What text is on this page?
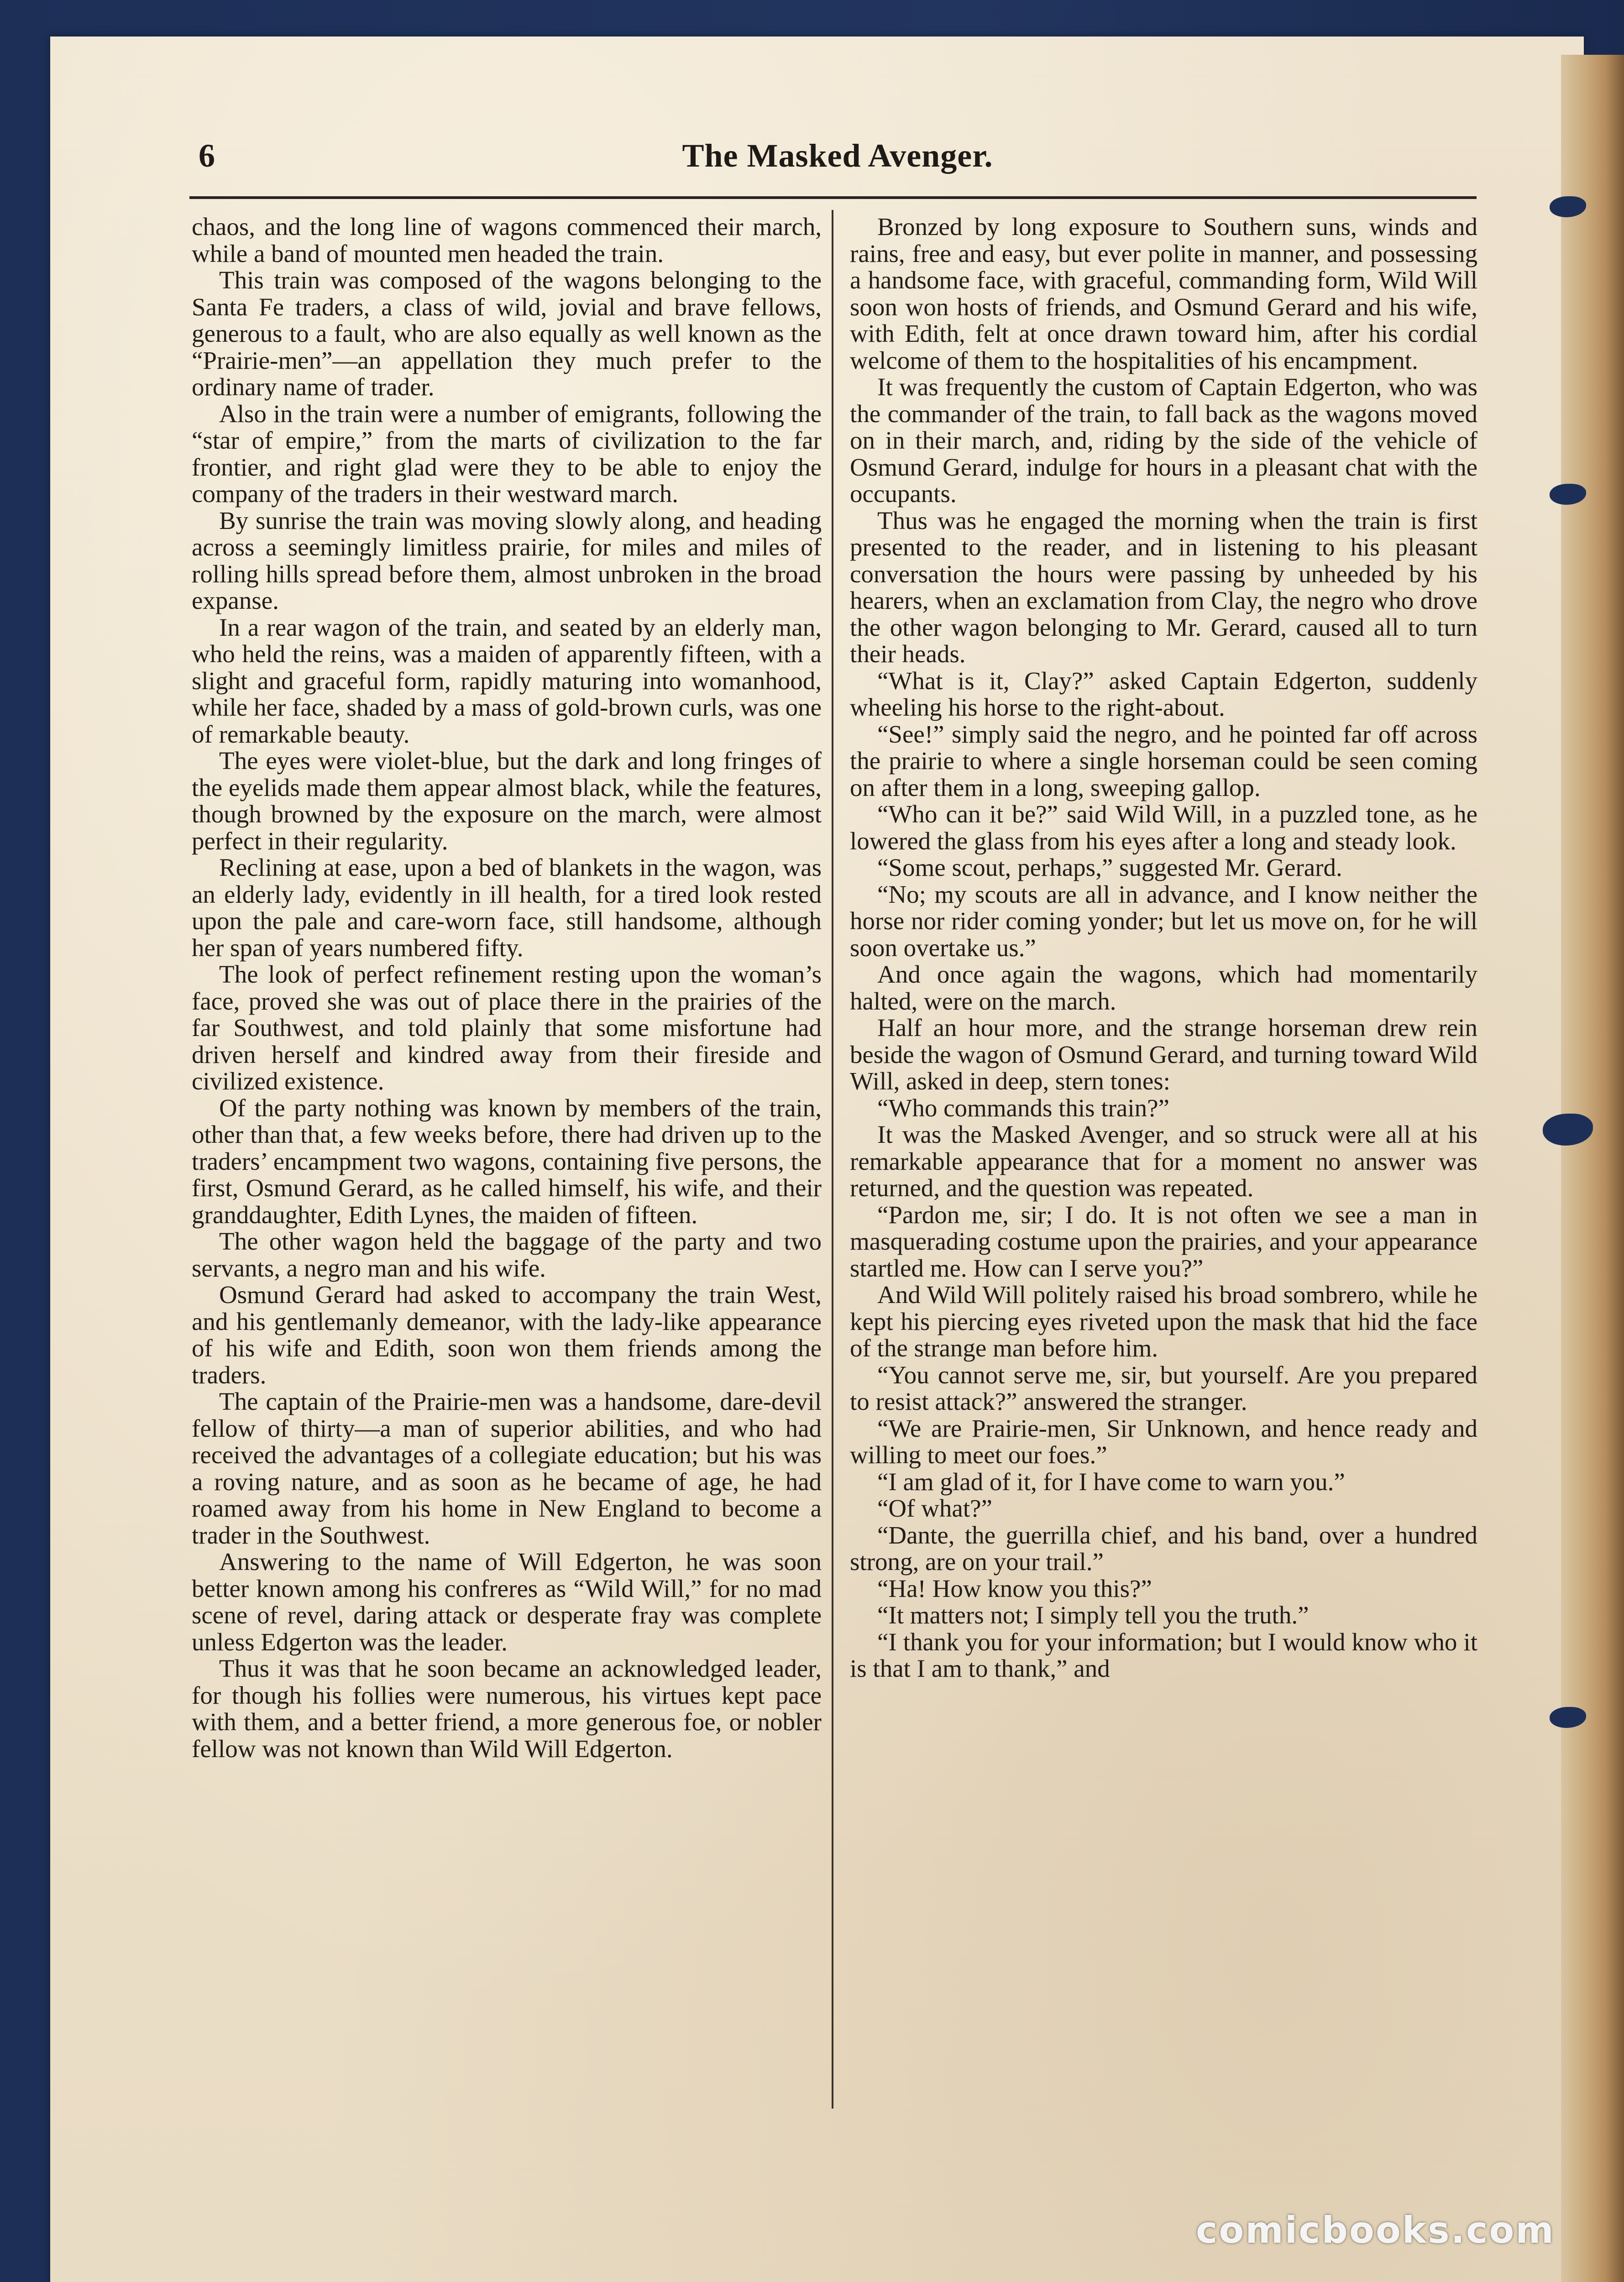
6	The Masked Avenger.

chaos, and the long line of wagons commenced their march, while a band of mounted men headed the train.

This train was composed of the wagons belonging to the Santa Fe traders, a class of wild, jovial and brave fellows, generous to a fault, who are also equally as well known as the “Prairie-men”—an appellation they much prefer to the ordinary name of trader.

Also in the train were a number of emigrants, following the “star of empire,” from the marts of civilization to the far frontier, and right glad were they to be able to enjoy the company of the traders in their westward march.

By sunrise the train was moving slowly along, and heading across a seemingly limitless prairie, for miles and miles of rolling hills spread before them, almost unbroken in the broad expanse.

In a rear wagon of the train, and seated by an elderly man, who held the reins, was a maiden of apparently fifteen, with a slight and graceful form, rapidly maturing into womanhood, while her face, shaded by a mass of gold-brown curls, was one of remarkable beauty.

The eyes were violet-blue, but the dark and long fringes of the eyelids made them appear almost black, while the features, though browned by the exposure on the march, were almost perfect in their regularity.

Reclining at ease, upon a bed of blankets in the wagon, was an elderly lady, evidently in ill health, for a tired look rested upon the pale and care-worn face, still handsome, although her span of years numbered fifty.

The look of perfect refinement resting upon the woman’s face, proved she was out of place there in the prairies of the far Southwest, and told plainly that some misfortune had driven herself and kindred away from their fireside and civilized existence.

Of the party nothing was known by members of the train, other than that, a few weeks before, there had driven up to the traders’ encampment two wagons, containing five persons, the first, Osmund Gerard, as he called himself, his wife, and their granddaughter, Edith Lynes, the maiden of fifteen.

The other wagon held the baggage of the party and two servants, a negro man and his wife.

Osmund Gerard had asked to accompany the train West, and his gentlemanly demeanor, with the lady-like appearance of his wife and Edith, soon won them friends among the traders.

The captain of the Prairie-men was a handsome, dare-devil fellow of thirty—a man of superior abilities, and who had received the advantages of a collegiate education; but his was a roving nature, and as soon as he became of age, he had roamed away from his home in New England to become a trader in the Southwest.

Answering to the name of Will Edgerton, he was soon better known among his confreres as “Wild Will,” for no mad scene of revel, daring attack or desperate fray was complete unless Edgerton was the leader.

Thus it was that he soon became an acknowledged leader, for though his follies were numerous, his virtues kept pace with them, and a better friend, a more generous foe, or nobler fellow was not known than Wild Will Edgerton.

Bronzed by long exposure to Southern suns, winds and rains, free and easy, but ever polite in manner, and possessing a handsome face, with graceful, commanding form, Wild Will soon won hosts of friends, and Osmund Gerard and his wife, with Edith, felt at once drawn toward him, after his cordial welcome of them to the hospitalities of his encampment.

It was frequently the custom of Captain Edgerton, who was the commander of the train, to fall back as the wagons moved on in their march, and, riding by the side of the vehicle of Osmund Gerard, indulge for hours in a pleasant chat with the occupants.

Thus was he engaged the morning when the train is first presented to the reader, and in listening to his pleasant conversation the hours were passing by unheeded by his hearers, when an exclamation from Clay, the negro who drove the other wagon belonging to Mr. Gerard, caused all to turn their heads.

“What is it, Clay?” asked Captain Edgerton, suddenly wheeling his horse to the right-about.

“See!” simply said the negro, and he pointed far off across the prairie to where a single horseman could be seen coming on after them in a long, sweeping gallop.

“Who can it be?” said Wild Will, in a puzzled tone, as he lowered the glass from his eyes after a long and steady look.

“Some scout, perhaps,” suggested Mr. Gerard.

“No; my scouts are all in advance, and I know neither the horse nor rider coming yonder; but let us move on, for he will soon overtake us.”

And once again the wagons, which had momentarily halted, were on the march.

Half an hour more, and the strange horseman drew rein beside the wagon of Osmund Gerard, and turning toward Wild Will, asked in deep, stern tones:

“Who commands this train?”

It was the Masked Avenger, and so struck were all at his remarkable appearance that for a moment no answer was returned, and the question was repeated.

“Pardon me, sir; I do. It is not often we see a man in masquerading costume upon the prairies, and your appearance startled me. How can I serve you?”

And Wild Will politely raised his broad sombrero, while he kept his piercing eyes riveted upon the mask that hid the face of the strange man before him.

“You cannot serve me, sir, but yourself. Are you prepared to resist attack?” answered the stranger.

“We are Prairie-men, Sir Unknown, and hence ready and willing to meet our foes.”

“I am glad of it, for I have come to warn you.”

“Of what?”

“Dante, the guerrilla chief, and his band, over a hundred strong, are on your trail.”

“Ha! How know you this?”

“It matters not; I simply tell you the truth.”

“I thank you for your information; but I would know who it is that I am to thank,” and

comicbooks.com
